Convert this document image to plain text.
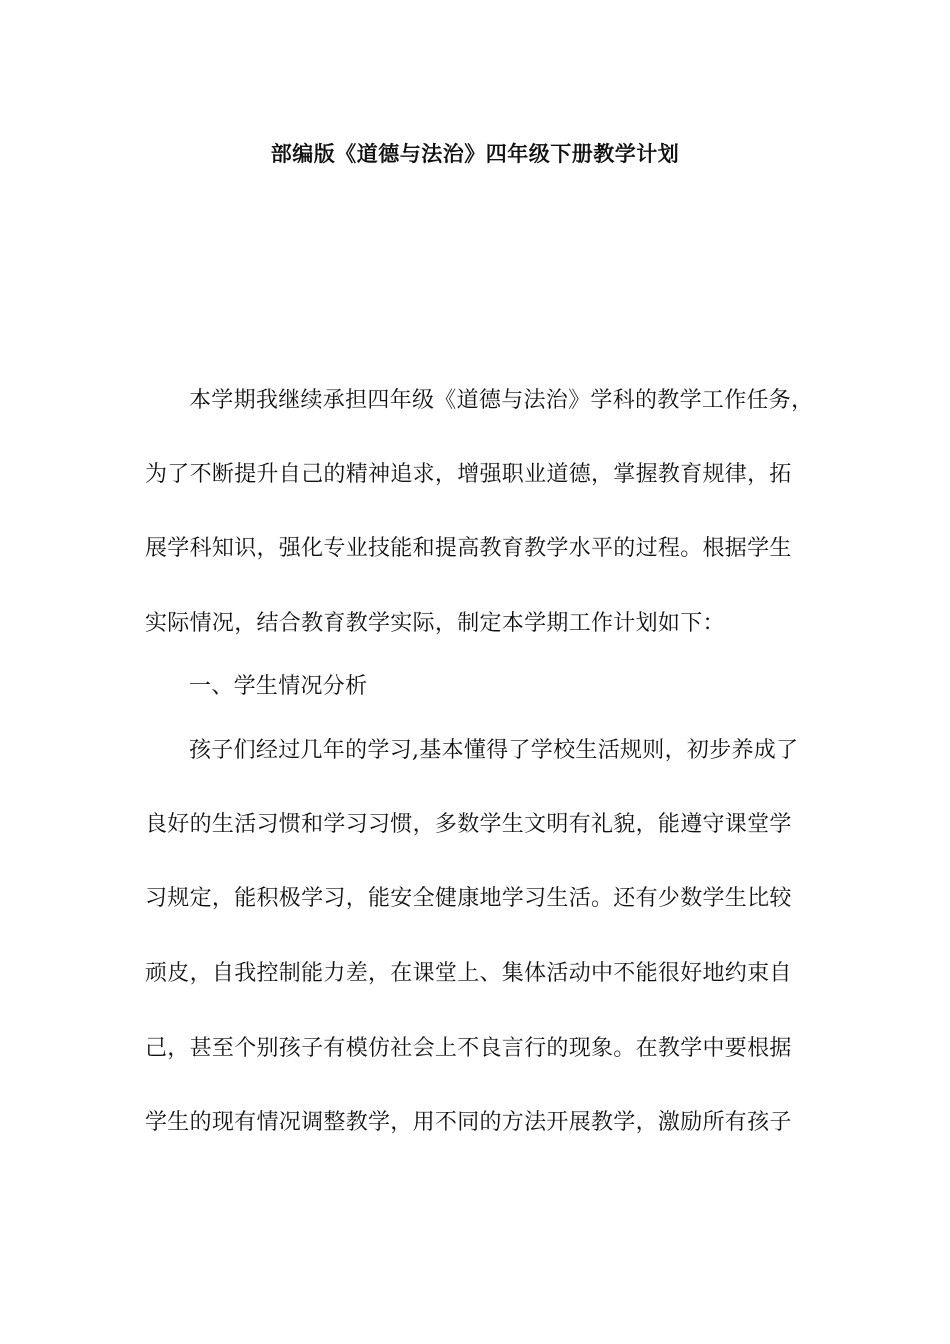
部编版《道德与法治》四年级下册教学计划
本学期我继续承担四年级《道德与法治》学科的教学工作任务，
为了不断提升自己的精神追求，增强职业道德，掌握教育规律，拓
展学科知识，强化专业技能和提高教育教学水平的过程。根据学生
实际情况，结合教育教学实际，制定本学期工作计划如下：
一、学生情况分析
孩子们经过几年的学习,基本懂得了学校生活规则，初步养成了
良好的生活习惯和学习习惯，多数学生文明有礼貌，能遵守课堂学
习规定，能积极学习，能安全健康地学习生活。还有少数学生比较
顽皮，自我控制能力差，在课堂上、集体活动中不能很好地约束自
己，甚至个别孩子有模仿社会上不良言行的现象。在教学中要根据
学生的现有情况调整教学，用不同的方法开展教学，激励所有孩子
